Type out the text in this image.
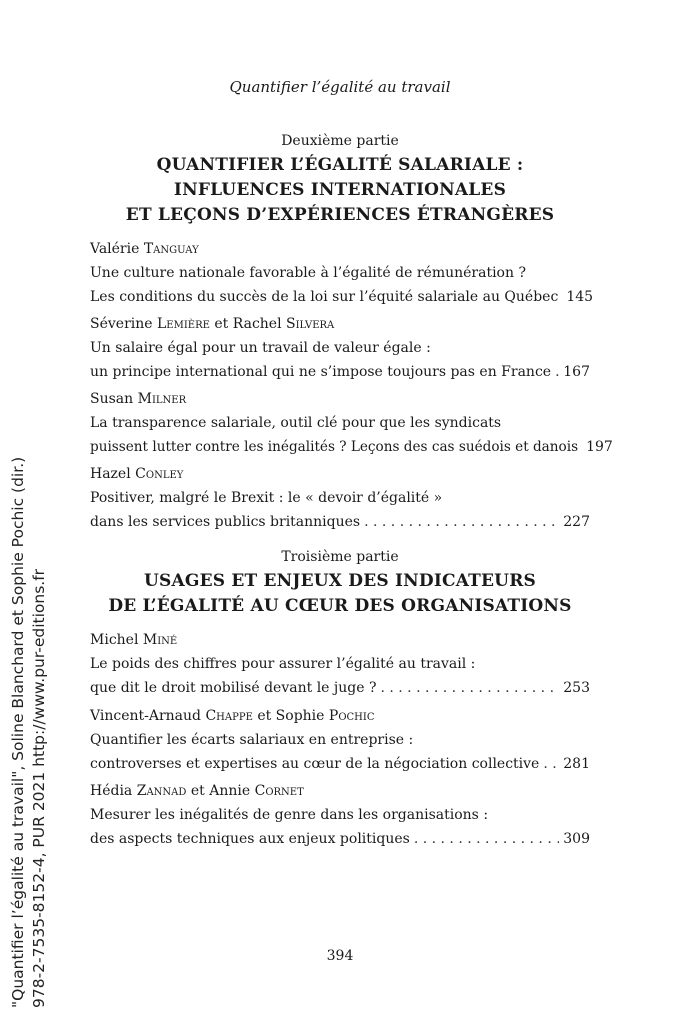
Quantifier l’égalité au travail
Deuxième partie
QUANTIFIER L’ÉGALITÉ SALARIALE :
INFLUENCES INTERNATIONALES
ET LEÇONS D’EXPÉRIENCES ÉTRANGÈRES
Valérie Tanguay
Une culture nationale favorable à l’égalité de rémunération ?
Les conditions du succès de la loi sur l’équité salariale au Québec 145
Séverine Lemière et Rachel Silvera
Un salaire égal pour un travail de valeur égale :
un principe international qui ne s’impose toujours pas en France . . . 167
Susan Milner
La transparence salariale, outil clé pour que les syndicats
puissent lutter contre les inégalités ? Leçons des cas suédois et danois 197
Hazel Conley
Positiver, malgré le Brexit : le « devoir d’égalité »
dans les services publics britanniques . . .	227
Troisième partie
USAGES ET ENJEUX DES INDICATEURS
DE L’ÉGALITÉ AU CŒUR DES ORGANISATIONS
Michel Miné
Le poids des chiffres pour assurer l’égalité au travail :
que dit le droit mobilisé devant le juge ? . . .	253
Vincent-Arnaud Chappe et Sophie Pochic
Quantifier les écarts salariaux en entreprise :
controverses et expertises au cœur de la négociation collective . . . 281
Hédia Zannad et Annie Cornet
Mesurer les inégalités de genre dans les organisations :
des aspects techniques aux enjeux politiques . . .	309
394
"Quantifier l’égalité au travail", Soline Blanchard et Sophie Pochic (dir.) 978-2-7535-8152-4, PUR 2021 http://www.pur-editions.fr
